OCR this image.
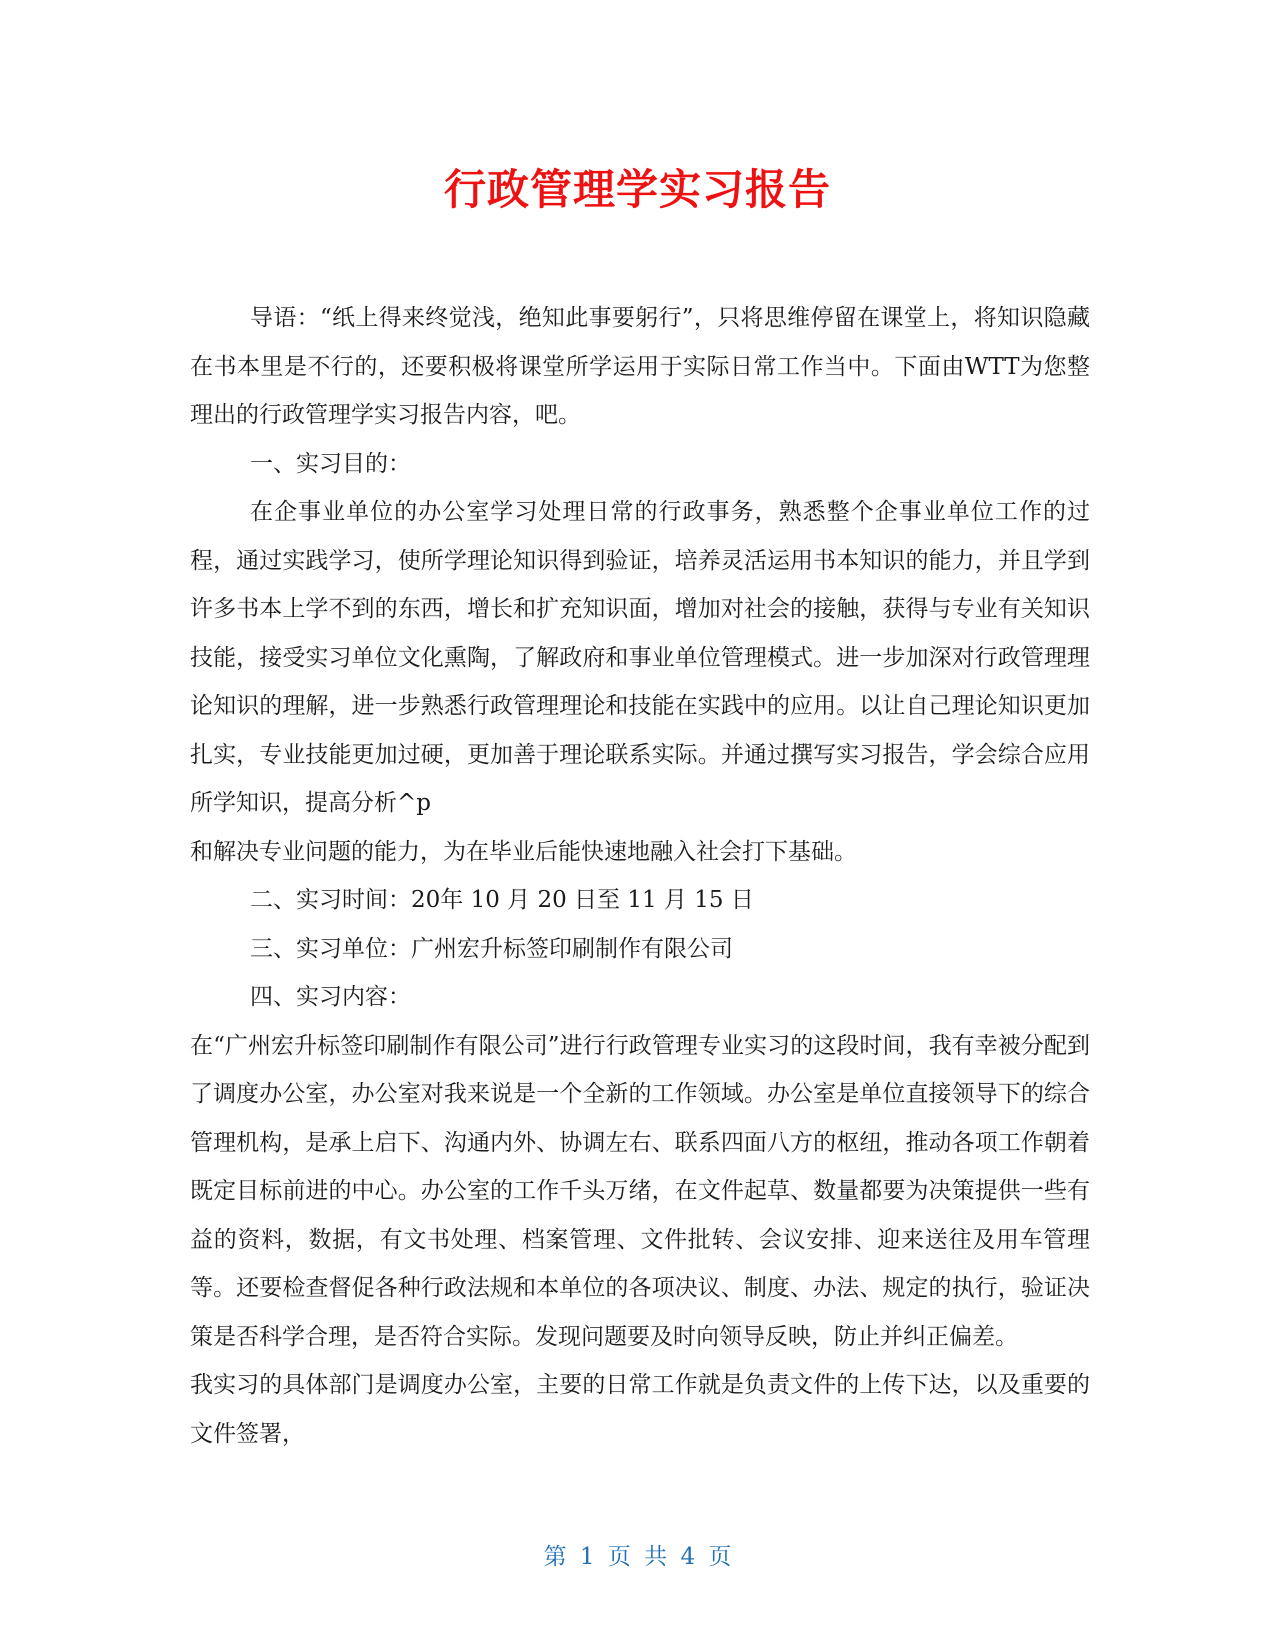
行政管理学实习报告

导语：“纸上得来终觉浅，绝知此事要躬行”，只将思维停留在课堂上，将知识隐藏在书本里是不行的，还要积极将课堂所学运用于实际日常工作当中。下面由WTT为您整理出的行政管理学实习报告内容，吧。

一、实习目的：

在企事业单位的办公室学习处理日常的行政事务，熟悉整个企事业单位工作的过程，通过实践学习，使所学理论知识得到验证，培养灵活运用书本知识的能力，并且学到许多书本上学不到的东西，增长和扩充知识面，增加对社会的接触，获得与专业有关知识技能，接受实习单位文化熏陶，了解政府和事业单位管理模式。进一步加深对行政管理理论知识的理解，进一步熟悉行政管理理论和技能在实践中的应用。以让自己理论知识更加扎实，专业技能更加过硬，更加善于理论联系实际。并通过撰写实习报告，学会综合应用所学知识，提高分析^p

和解决专业问题的能力，为在毕业后能快速地融入社会打下基础。

二、实习时间：20年 10 月 20 日至 11 月 15 日

三、实习单位：广州宏升标签印刷制作有限公司

四、实习内容：

在“广州宏升标签印刷制作有限公司”进行行政管理专业实习的这段时间，我有幸被分配到了调度办公室，办公室对我来说是一个全新的工作领域。办公室是单位直接领导下的综合管理机构，是承上启下、沟通内外、协调左右、联系四面八方的枢纽，推动各项工作朝着既定目标前进的中心。办公室的工作千头万绪，在文件起草、数量都要为决策提供一些有益的资料，数据，有文书处理、档案管理、文件批转、会议安排、迎来送往及用车管理等。还要检查督促各种行政法规和本单位的各项决议、制度、办法、规定的执行，验证决策是否科学合理，是否符合实际。发现问题要及时向领导反映，防止并纠正偏差。

我实习的具体部门是调度办公室，主要的日常工作就是负责文件的上传下达，以及重要的文件签署，

第 1 页 共 4 页
